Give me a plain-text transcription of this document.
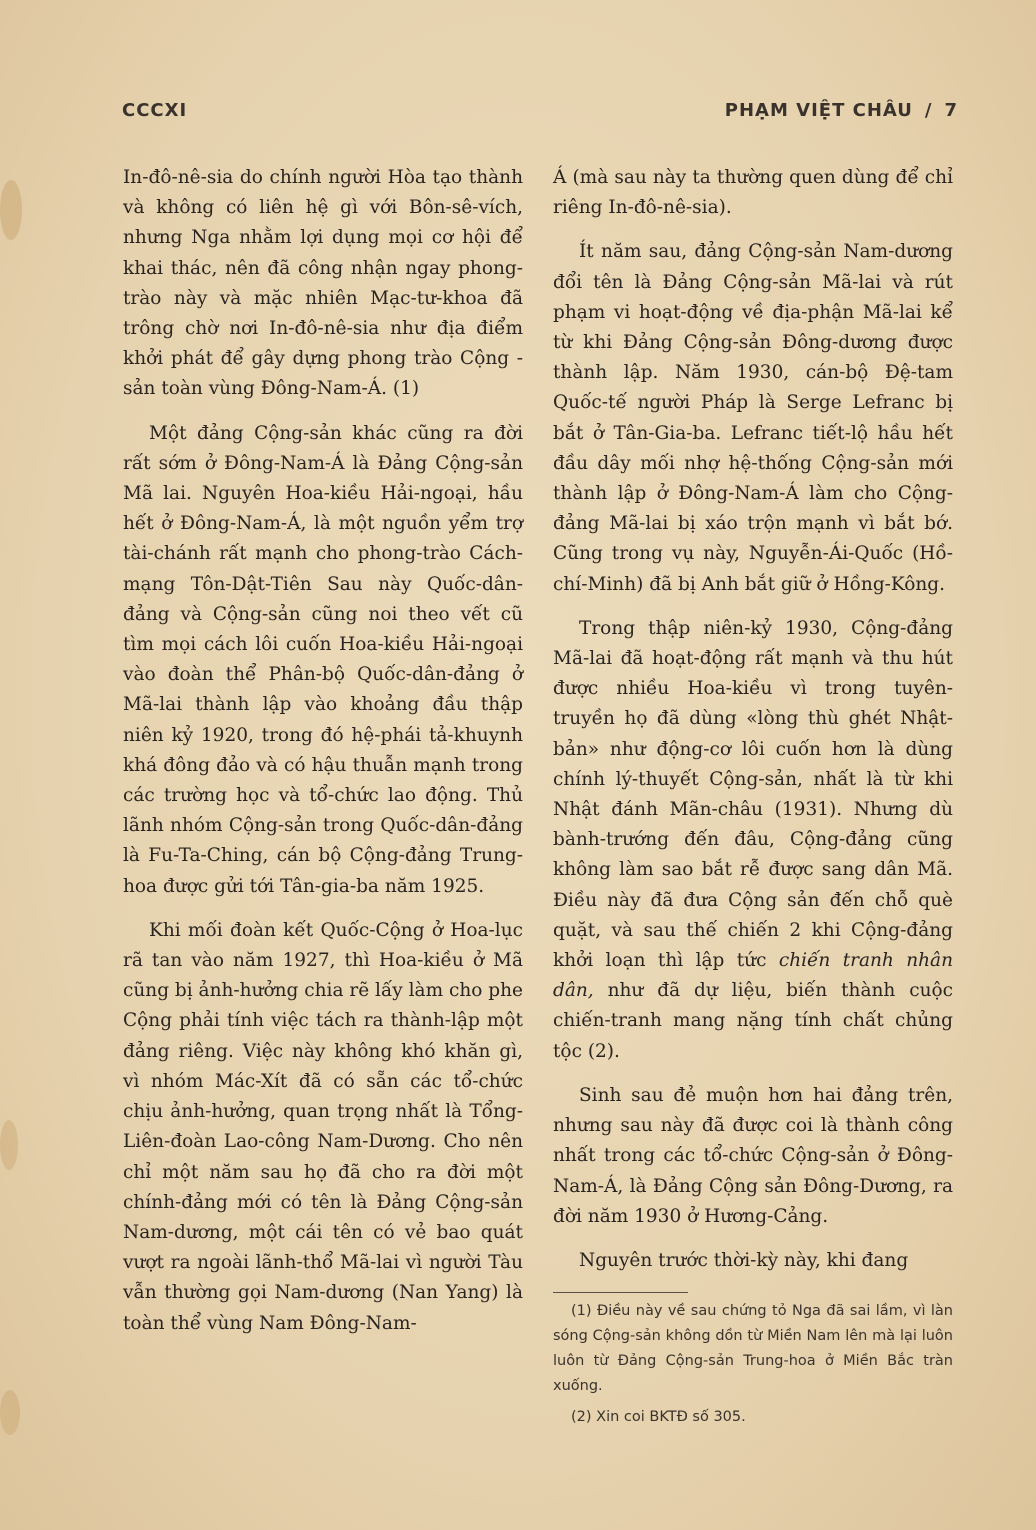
CCCXI	PHẠM VIỆT CHÂU / 7

In-đô-nê-sia do chính người Hòa tạo thành và không có liên hệ gì với Bôn-sê-vích, nhưng Nga nhằm lợi dụng mọi cơ hội để khai thác, nên đã công nhận ngay phong-trào này và mặc nhiên Mạc-tư-khoa đã trông chờ nơi In-đô-nê-sia như địa điểm khởi phát để gây dựng phong trào Cộng - sản toàn vùng Đông-Nam-Á. (1)

Một đảng Cộng-sản khác cũng ra đời rất sớm ở Đông-Nam-Á là Đảng Cộng-sản Mã lai. Nguyên Hoa-kiều Hải-ngoại, hầu hết ở Đông-Nam-Á, là một nguồn yểm trợ tài-chánh rất mạnh cho phong-trào Cách-mạng Tôn-Dật-Tiên Sau này Quốc-dân-đảng và Cộng-sản cũng noi theo vết cũ tìm mọi cách lôi cuốn Hoa-kiều Hải-ngoại vào đoàn thể Phân-bộ Quốc-dân-đảng ở Mã-lai thành lập vào khoảng đầu thập niên kỷ 1920, trong đó hệ-phái tả-khuynh khá đông đảo và có hậu thuẫn mạnh trong các trường học và tổ-chức lao động. Thủ lãnh nhóm Cộng-sản trong Quốc-dân-đảng là Fu-Ta-Ching, cán bộ Cộng-đảng Trung-hoa được gửi tới Tân-gia-ba năm 1925.

Khi mối đoàn kết Quốc-Cộng ở Hoa-lục rã tan vào năm 1927, thì Hoa-kiều ở Mã cũng bị ảnh-hưởng chia rẽ lấy làm cho phe Cộng phải tính việc tách ra thành-lập một đảng riêng. Việc này không khó khăn gì, vì nhóm Mác-Xít đã có sẵn các tổ-chức chịu ảnh-hưởng, quan trọng nhất là Tổng-Liên-đoàn Lao-công Nam-Dương. Cho nên chỉ một năm sau họ đã cho ra đời một chính-đảng mới có tên là Đảng Cộng-sản Nam-dương, một cái tên có vẻ bao quát vượt ra ngoài lãnh-thổ Mã-lai vì người Tàu vẫn thường gọi Nam-dương (Nan Yang) là toàn thể vùng Nam Đông-Nam-

Á (mà sau này ta thường quen dùng để chỉ riêng In-đô-nê-sia).

Ít năm sau, đảng Cộng-sản Nam-dương đổi tên là Đảng Cộng-sản Mã-lai và rút phạm vi hoạt-động về địa-phận Mã-lai kể từ khi Đảng Cộng-sản Đông-dương được thành lập. Năm 1930, cán-bộ Đệ-tam Quốc-tế người Pháp là Serge Lefranc bị bắt ở Tân-Gia-ba. Lefranc tiết-lộ hầu hết đầu dây mối nhợ hệ-thống Cộng-sản mới thành lập ở Đông-Nam-Á làm cho Cộng-đảng Mã-lai bị xáo trộn mạnh vì bắt bớ. Cũng trong vụ này, Nguyễn-Ái-Quốc (Hồ-chí-Minh) đã bị Anh bắt giữ ở Hồng-Kông.

Trong thập niên-kỷ 1930, Cộng-đảng Mã-lai đã hoạt-động rất mạnh và thu hút được nhiều Hoa-kiều vì trong tuyên-truyền họ đã dùng «lòng thù ghét Nhật-bản» như động-cơ lôi cuốn hơn là dùng chính lý-thuyết Cộng-sản, nhất là từ khi Nhật đánh Mãn-châu (1931). Nhưng dù bành-trướng đến đâu, Cộng-đảng cũng không làm sao bắt rễ được sang dân Mã. Điều này đã đưa Cộng sản đến chỗ què quặt, và sau thế chiến 2 khi Cộng-đảng khởi loạn thì lập tức chiến tranh nhân dân, như đã dự liệu, biến thành cuộc chiến-tranh mang nặng tính chất chủng tộc (2).

Sinh sau đẻ muộn hơn hai đảng trên, nhưng sau này đã được coi là thành công nhất trong các tổ-chức Cộng-sản ở Đông-Nam-Á, là Đảng Cộng sản Đông-Dương, ra đời năm 1930 ở Hương-Cảng.

Nguyên trước thời-kỳ này, khi đang

(1) Điều này về sau chứng tỏ Nga đã sai lầm, vì làn sóng Cộng-sản không dồn từ Miền Nam lên mà lại luôn luôn từ Đảng Cộng-sản Trung-hoa ở Miền Bắc tràn xuống.

(2) Xin coi BKTĐ số 305.
